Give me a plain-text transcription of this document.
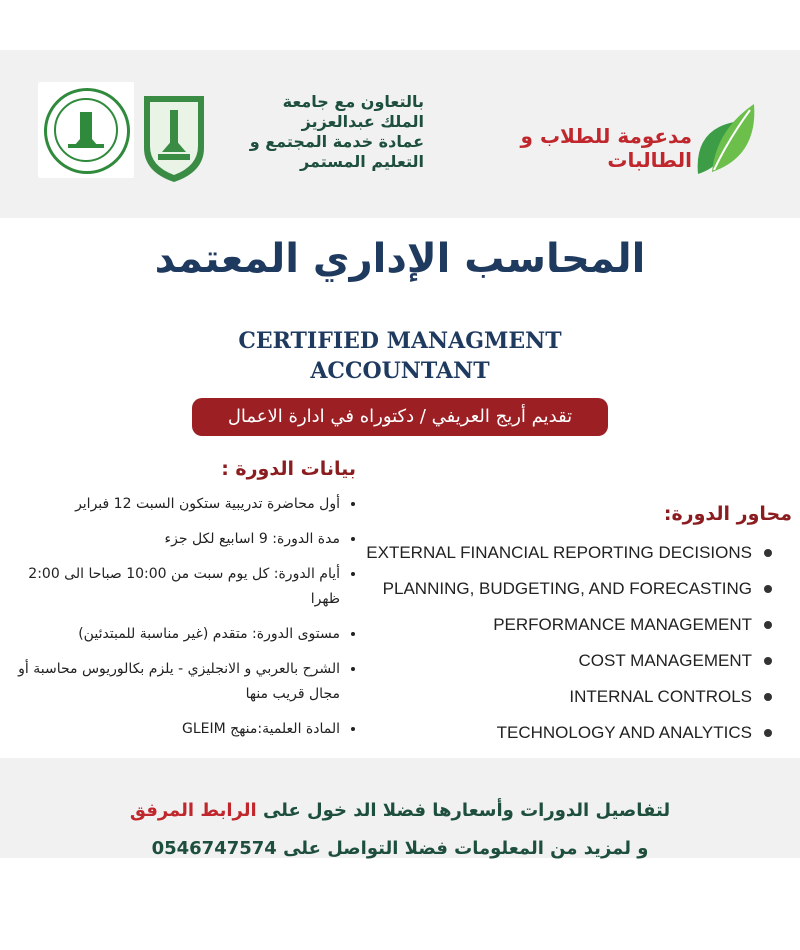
بالتعاون مع جامعة
الملك عبدالعزيز
عمادة خدمة المجتمع و
التعليم المستمر
مدعومة للطلاب و الطالبات
المحاسب الإداري المعتمد
CERTIFIED MANAGMENT
ACCOUNTANT
تقديم أريج العريفي / دكتوراه في ادارة الاعمال
بيانات الدورة :
• أول محاضرة تدريبية ستكون السبت 12 فبراير
• مدة الدورة: 9 اسابيع لكل جزء
• أيام الدورة: كل يوم سبت من 10:00 صباحا الى 2:00 ظهرا
• مستوى الدورة: متقدم (غير مناسبة للمبتدئين)
• الشرح بالعربي و الانجليزي - يلزم بكالوريوس محاسبة أو مجال قريب منها
• المادة العلمية:منهج GLEIM
محاور الدورة:
EXTERNAL FINANCIAL REPORTING DECISIONS
PLANNING, BUDGETING, AND FORECASTING
PERFORMANCE MANAGEMENT
COST MANAGEMENT
INTERNAL CONTROLS
TECHNOLOGY AND ANALYTICS
لتفاصيل الدورات وأسعارها فضلا الد خول على الرابط المرفق
و لمزيد من المعلومات فضلا التواصل على 0546747574
